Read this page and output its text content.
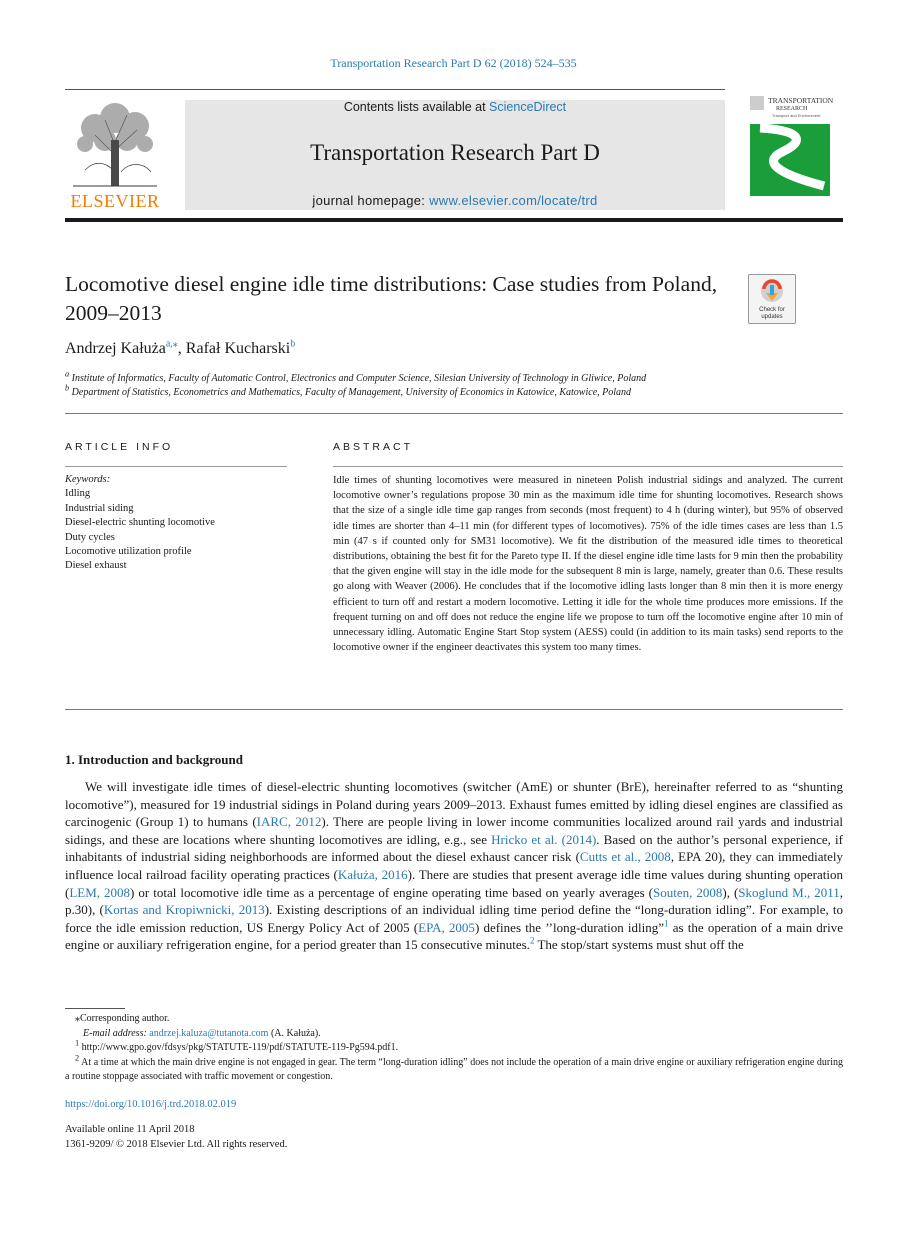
Transportation Research Part D 62 (2018) 524–535
ELSEVIER
Contents lists available at ScienceDirect
Transportation Research Part D
journal homepage: www.elsevier.com/locate/trd
TRANSPORTATION
RESEARCH
Transport and Environment
Locomotive diesel engine idle time distributions: Case studies from Poland, 2009–2013	Check for
updates
Andrzej Kałuża$^{a,⁎}$, Rafał Kucharski$^b$
$^a$ Institute of Informatics, Faculty of Automatic Control, Electronics and Computer Science, Silesian University of Technology in Gliwice, Poland
$^b$ Department of Statistics, Econometrics and Mathematics, Faculty of Management, University of Economics in Katowice, Katowice, Poland
ARTICLE INFO
Keywords:
Idling
Industrial siding
Diesel-electric shunting locomotive
Duty cycles
Locomotive utilization profile
Diesel exhaust
ABSTRACT
Idle times of shunting locomotives were measured in nineteen Polish industrial sidings and analyzed. The current locomotive owner’s regulations propose 30 min as the maximum idle time for shunting locomotives. Research shows that the size of a single idle time gap ranges from seconds (most frequent) to 4 h (during winter), but 95% of observed idle times are shorter than 4–11 min (for different types of locomotives). 75% of the idle times cases are less than 1.5 min (47 s if counted only for SM31 locomotive). We fit the distribution of the measured idle times to theoretical distributions, obtaining the best fit for the Pareto type II. If the diesel engine idle time lasts for 9 min then the probability that the given engine will stay in the idle mode for the subsequent 8 min is large, namely, greater than 0.6. These results go along with Weaver (2006). He concludes that if the locomotive idling lasts longer than 8 min then it is more energy efficient to turn off and restart a modern locomotive. Letting it idle for the whole time produces more emissions. If the frequent turning on and off does not reduce the engine life we propose to turn off the locomotive engine after 10 min of unnecessary idling. Automatic Engine Start Stop system (AESS) could (in addition to its main tasks) send reports to the locomotive owner if the engineer deactivates this system too many times.
1. Introduction and background

We will investigate idle times of diesel-electric shunting locomotives (switcher (AmE) or shunter (BrE), hereinafter referred to as “shunting locomotive”), measured for 19 industrial sidings in Poland during years 2009–2013. Exhaust fumes emitted by idling diesel engines are classified as carcinogenic (Group 1) to humans (IARC, 2012). There are people living in lower income communities localized around rail yards and industrial sidings, and these are locations where shunting locomotives are idling, e.g., see Hricko et al. (2014). Based on the author’s personal experience, if inhabitants of industrial siding neighborhoods are informed about the diesel exhaust cancer risk (Cutts et al., 2008, EPA 20), they can immediately influence local railroad facility operating practices (Kałuża, 2016). There are studies that present average idle time values during shunting operation (LEM, 2008) or total locomotive idle time as a percentage of engine operating time based on yearly averages (Souten, 2008), (Skoglund M., 2011, p.30), (Kortas and Kropiwnicki, 2013). Existing descriptions of an individual idling time period define the “long-duration idling”. For example, to force the idle emission reduction, US Energy Policy Act of 2005 (EPA, 2005) defines the ’’long-duration idling”$^1$ as the operation of a main drive engine or auxiliary refrigeration engine, for a period greater than 15 consecutive minutes.$^2$ The stop/start systems must shut off the

⁎Corresponding author.
E-mail address: andrzej.kaluza@tutanota.com (A. Kałuża).
$^1$ http://www.gpo.gov/fdsys/pkg/STATUTE-119/pdf/STATUTE-119-Pg594.pdf1.
$^2$ At a time at which the main drive engine is not engaged in gear. The term “long-duration idling” does not include the operation of a main drive engine or auxiliary refrigeration engine during a routine stoppage associated with traffic movement or congestion.
https://doi.org/10.1016/j.trd.2018.02.019
Available online 11 April 2018
1361-9209/ © 2018 Elsevier Ltd. All rights reserved.
